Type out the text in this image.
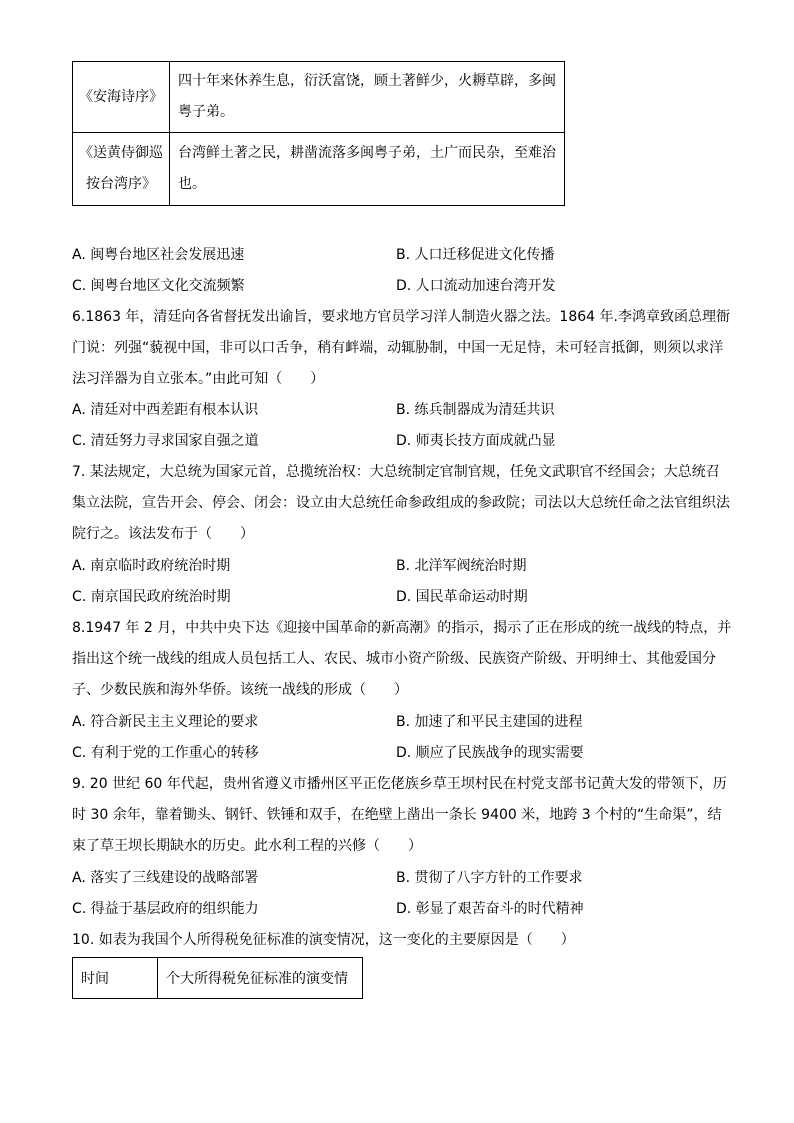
《安海诗序》	四十年来休养生息，衍沃富饶，顾土著鲜少，火耨草辟，多闽粤子弟。
《送黄侍御巡按台湾序》	台湾鲜土著之民，耕凿流落多闽粤子弟，土广而民杂，至难治也。
A. 闽粤台地区社会发展迅速	B. 人口迁移促进文化传播
C. 闽粤台地区文化交流频繁	D. 人口流动加速台湾开发
6.1863 年，清廷向各省督抚发出谕旨，要求地方官员学习洋人制造火器之法。1864 年.李鸿章致函总理衙门说：列强“藐视中国，非可以口舌争，稍有衅端，动辄胁制，中国一无足恃，未可轻言抵御，则须以求洋法习洋器为自立张本。”由此可知（　　）
A. 清廷对中西差距有根本认识	B. 练兵制器成为清廷共识
C. 清廷努力寻求国家自强之道	D. 师夷长技方面成就凸显
7. 某法规定，大总统为国家元首，总揽统治权：大总统制定官制官规，任免文武职官不经国会；大总统召集立法院，宣告开会、停会、闭会：设立由大总统任命参政组成的参政院；司法以大总统任命之法官组织法院行之。该法发布于（　　）
A. 南京临时政府统治时期	B. 北洋军阀统治时期
C. 南京国民政府统治时期	D. 国民革命运动时期
8.1947 年 2 月，中共中央下达《迎接中国革命的新高潮》的指示，揭示了正在形成的统一战线的特点，并指出这个统一战线的组成人员包括工人、农民、城市小资产阶级、民族资产阶级、开明绅士、其他爱国分子、少数民族和海外华侨。该统一战线的形成（　　）
A. 符合新民主主义理论的要求	B. 加速了和平民主建国的进程
C. 有利于党的工作重心的转移	D. 顺应了民族战争的现实需要
9. 20 世纪 60 年代起，贵州省遵义市播州区平正仡佬族乡草王坝村民在村党支部书记黄大发的带领下，历时 30 余年，靠着锄头、钢钎、铁锤和双手，在绝壁上凿出一条长 9400 米，地跨 3 个村的“生命渠”，结束了草王坝长期缺水的历史。此水利工程的兴修（　　）
A. 落实了三线建设的战略部署	B. 贯彻了八字方针的工作要求
C. 得益于基层政府的组织能力	D. 彰显了艰苦奋斗的时代精神
10. 如表为我国个人所得税免征标准的演变情况，这一变化的主要原因是（　　）
时间	个大所得税免征标准的演变情
